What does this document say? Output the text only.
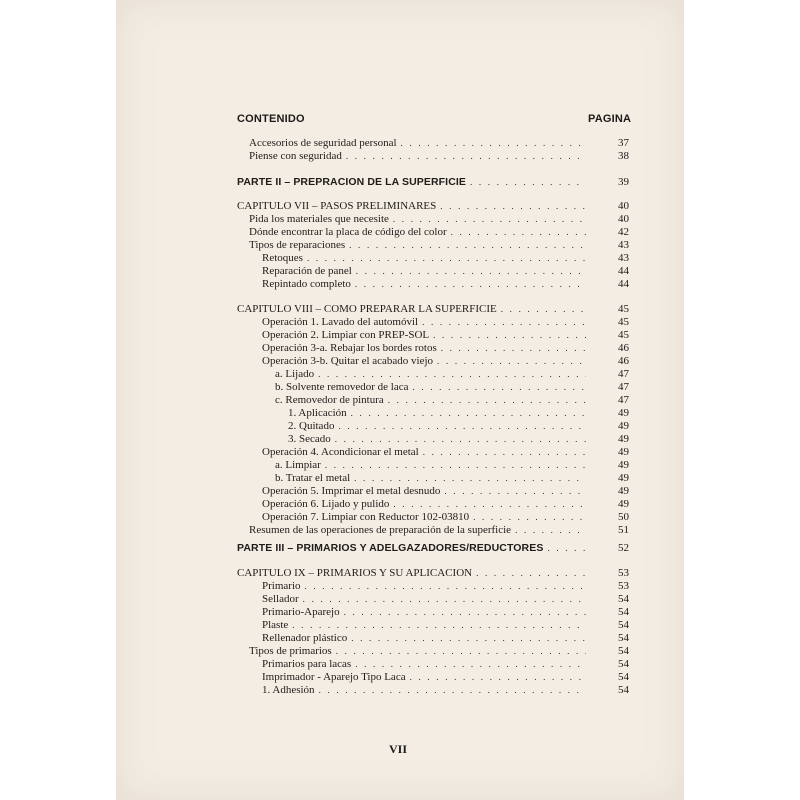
CONTENIDO	PAGINA
Accesorios de seguridad personal . . .	37
Piense con seguridad . . .	38
PARTE II – PREPRACION DE LA SUPERFICIE . . .	39
CAPITULO VII – PASOS PRELIMINARES . . .	40
Pida los materiales que necesite . . .	40
Dónde encontrar la placa de código del color . . .	42
Tipos de reparaciones . . .	43
Retoques . . .	43
Reparación de panel . . .	44
Repintado completo . . .	44
CAPITULO VIII – COMO PREPARAR LA SUPERFICIE . . .	45
Operación 1. Lavado del automóvil . . .	45
Operación 2. Limpiar con PREP-SOL . . .	45
Operación 3-a. Rebajar los bordes rotos . . .	46
Operación 3-b. Quitar el acabado viejo . . .	46
a. Lijado . . .	47
b. Solvente removedor de laca . . .	47
c. Removedor de pintura . . .	47
1. Aplicación . . .	49
2. Quitado . . .	49
3. Secado . . .	49
Operación 4. Acondicionar el metal . . .	49
a. Limpiar . . .	49
b. Tratar el metal . . .	49
Operación 5. Imprimar el metal desnudo . . .	49
Operación 6. Lijado y pulido . . .	49
Operación 7. Limpiar con Reductor 102-03810 . . .	50
Resumen de las operaciones de preparación de la superficie . . .	51
PARTE III – PRIMARIOS Y ADELGAZADORES/REDUCTORES . . .	52
CAPITULO IX – PRIMARIOS Y SU APLICACION . . .	53
Primario . . .	53
Sellador . . .	54
Primario-Aparejo . . .	54
Plaste . . .	54
Rellenador plástico . . .	54
Tipos de primarios . . .	54
Primarios para lacas . . .	54
Imprimador - Aparejo Tipo Laca . . .	54
1. Adhesión . . .	54
VII
